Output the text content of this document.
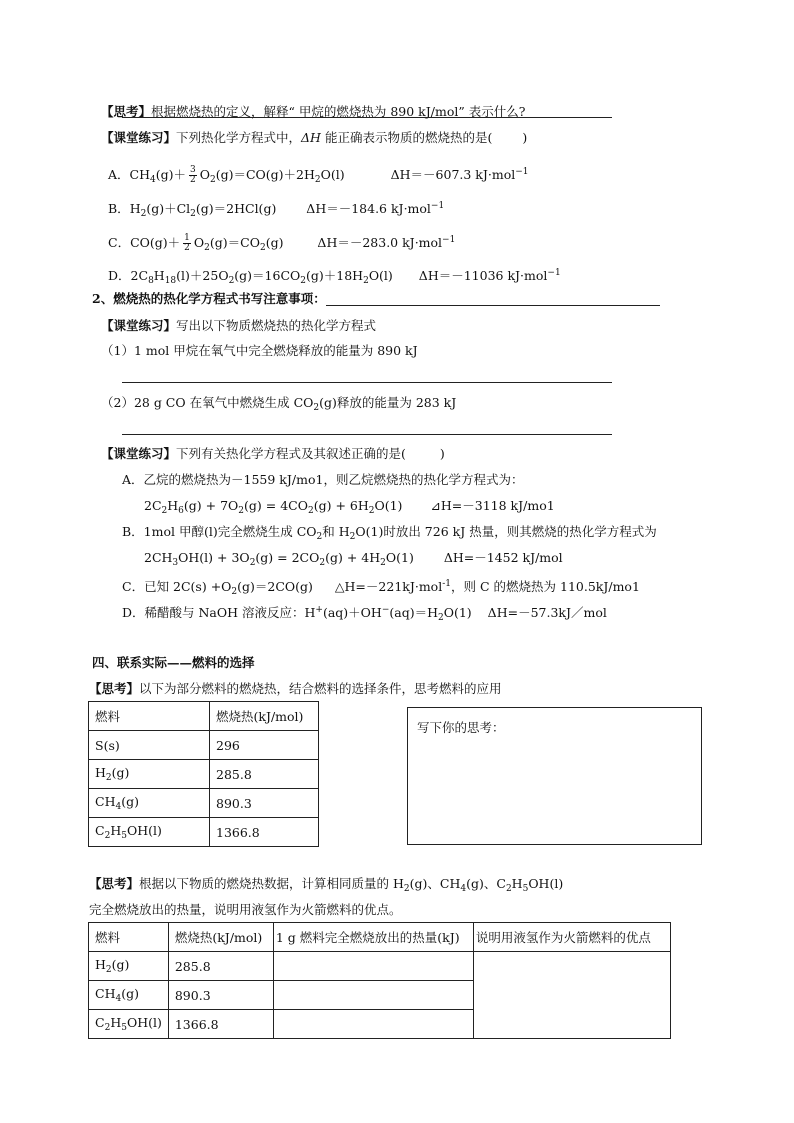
【思考】根据燃烧热的定义，解释“ 甲烷的燃烧热为 890 kJ/mol” 表示什么?
【课堂练习】下列热化学方程式中，ΔH 能正确表示物质的燃烧热的是( )
A．$CH_4(g)+ \frac{3}{2} O_2(g)=CO(g)+2H_2O(l)$	ΔH＝－607.3 kJ·mol$^{-1}$
B．$H_2(g)+Cl_2(g)=2HCl(g)$ ΔH＝－184.6 kJ·mol$^{-1}$
C．$CO(g)+ \frac{1}{2} O_2(g)=CO_2(g)$ ΔH＝－283.0 kJ·mol$^{-1}$
D．$2C_8H_{18}(l)+25O_2(g)=16CO_2(g)+18H_2O(l)$ ΔH＝－11036 kJ·mol$^{-1}$
2、燃烧热的热化学方程式书写注意事项：
【课堂练习】写出以下物质燃烧热的热化学方程式
（1）1 mol 甲烷在氧气中完全燃烧释放的能量为 890 kJ
（2）28 g CO 在氧气中燃烧生成 $CO_2(g)$释放的能量为 283 kJ
【课堂练习】下列有关热化学方程式及其叙述正确的是(	)
A．乙烷的燃烧热为－1559 kJ/mo1，则乙烷燃烧热的热化学方程式为：
$2C_2H_6(g) + 7O_2(g) = 4CO_2(g) + 6H_2O(1)$ ⊿H=－3118 kJ/mo1
B．1mol 甲醇(l)完全燃烧生成 $CO_2$和 $H_2O(1)$时放出 726 kJ 热量，则其燃烧的热化学方程式为
$2CH_3OH(l) + 3O_2(g) = 2CO_2(g) + 4H_2O(1)$ ΔH=－1452 kJ/mol
C．已知 $2C(s) +O_2(g)=2CO(g)$ △H=－221kJ·mol$^{-1}$，则 C 的燃烧热为 110.5kJ/mo1
D．稀醋酸与 NaOH 溶液反应：$H^+(aq)+OH^-(aq)=H_2O(1)$ ΔH=－57.3kJ／mol
四、联系实际——燃料的选择
【思考】以下为部分燃料的燃烧热，结合燃料的选择条件，思考燃料的应用
燃料	燃烧热(kJ/mol)
S(s)	296
$H_2(g)$	285.8
$CH_4(g)$	890.3
$C_2H_5OH(l)$	1366.8
写下你的思考：
【思考】根据以下物质的燃烧热数据，计算相同质量的 $H_2(g)$、$CH_4(g)$、$C_2H_5OH(l)$
完全燃烧放出的热量，说明用液氢作为火箭燃料的优点。
燃料	燃烧热(kJ/mol)	1 g 燃料完全燃烧放出的热量(kJ)	说明用液氢作为火箭燃料的优点
$H_2(g)$	285.8		
$CH_4(g)$	890.3		
$C_2H_5OH(l)$	1366.8		
